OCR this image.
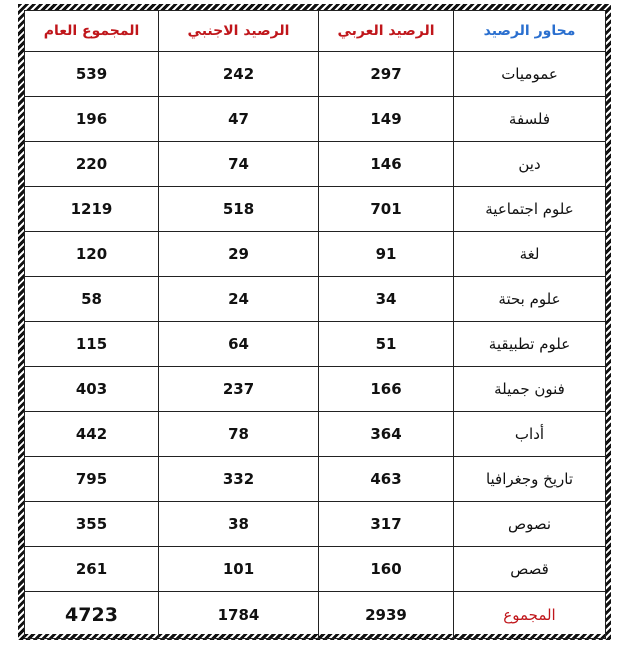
محاور الرصيد	الرصيد العربي	الرصيد الاجنبي	المجموع العام
عموميات	297	242	539
فلسفة	149	47	196
دين	146	74	220
علوم اجتماعية	701	518	1219
لغة	91	29	120
علوم بحتة	34	24	58
علوم تطبيقية	51	64	115
فنون جميلة	166	237	403
أداب	364	78	442
تاريخ وجغرافيا	463	332	795
نصوص	317	38	355
قصص	160	101	261
المجموع	2939	1784	4723
